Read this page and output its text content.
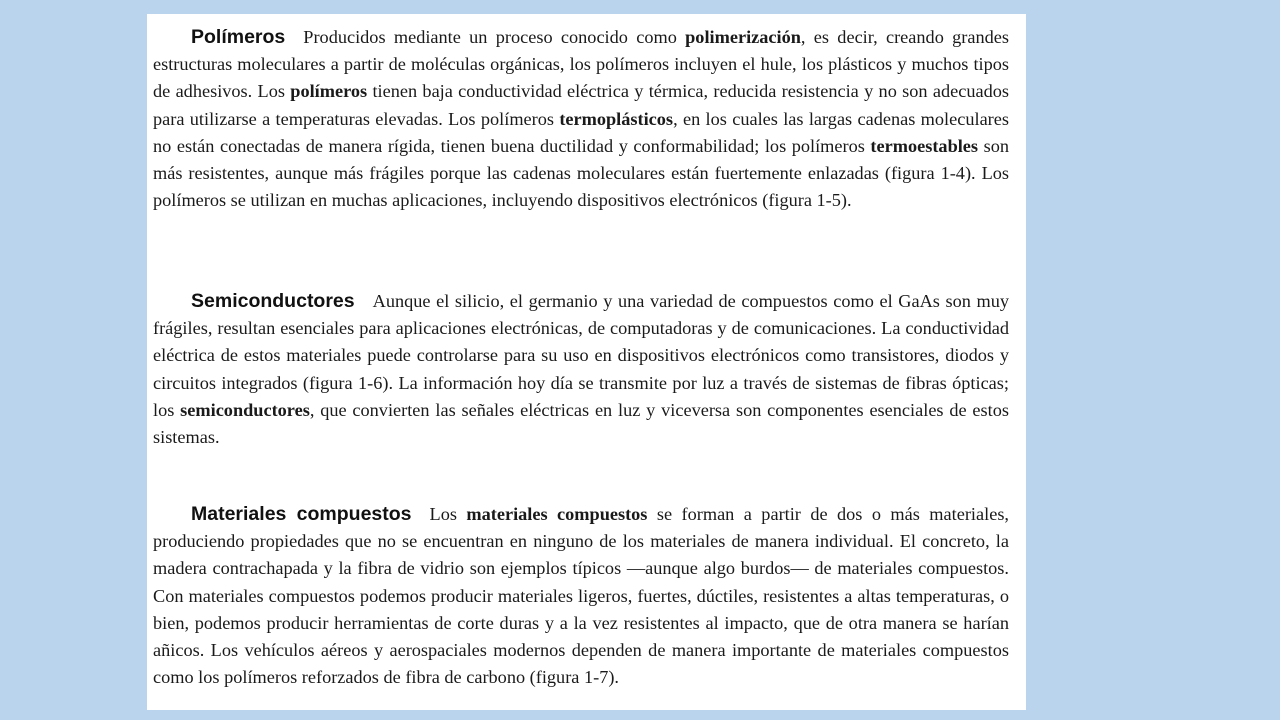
Polímeros Producidos mediante un proceso conocido como polimerización, es decir, creando grandes estructuras moleculares a partir de moléculas orgánicas, los polímeros incluyen el hule, los plásticos y muchos tipos de adhesivos. Los polímeros tienen baja conductividad eléctrica y térmica, reducida resistencia y no son adecuados para utilizarse a temperaturas elevadas. Los polímeros termoplásticos, en los cuales las largas cadenas moleculares no están conectadas de manera rígida, tienen buena ductilidad y conformabilidad; los polímeros termoestables son más resistentes, aunque más frágiles porque las cadenas moleculares están fuertemente enlazadas (figura 1-4). Los polímeros se utilizan en muchas aplicaciones, incluyendo dispositivos electrónicos (figura 1-5).

Semiconductores Aunque el silicio, el germanio y una variedad de compuestos como el GaAs son muy frágiles, resultan esenciales para aplicaciones electrónicas, de computadoras y de comunicaciones. La conductividad eléctrica de estos materiales puede controlarse para su uso en dispositivos electrónicos como transistores, diodos y circuitos integrados (figura 1-6). La información hoy día se transmite por luz a través de sistemas de fibras ópticas; los semiconductores, que convierten las señales eléctricas en luz y viceversa son componentes esenciales de estos sistemas.

Materiales compuestos Los materiales compuestos se forman a partir de dos o más materiales, produciendo propiedades que no se encuentran en ninguno de los materiales de manera individual. El concreto, la madera contrachapada y la fibra de vidrio son ejemplos típicos —aunque algo burdos— de materiales compuestos. Con materiales compuestos podemos producir materiales ligeros, fuertes, dúctiles, resistentes a altas temperaturas, o bien, podemos producir herramientas de corte duras y a la vez resistentes al impacto, que de otra manera se harían añicos. Los vehículos aéreos y aerospaciales modernos dependen de manera importante de materiales compuestos como los polímeros reforzados de fibra de carbono (figura 1-7).
